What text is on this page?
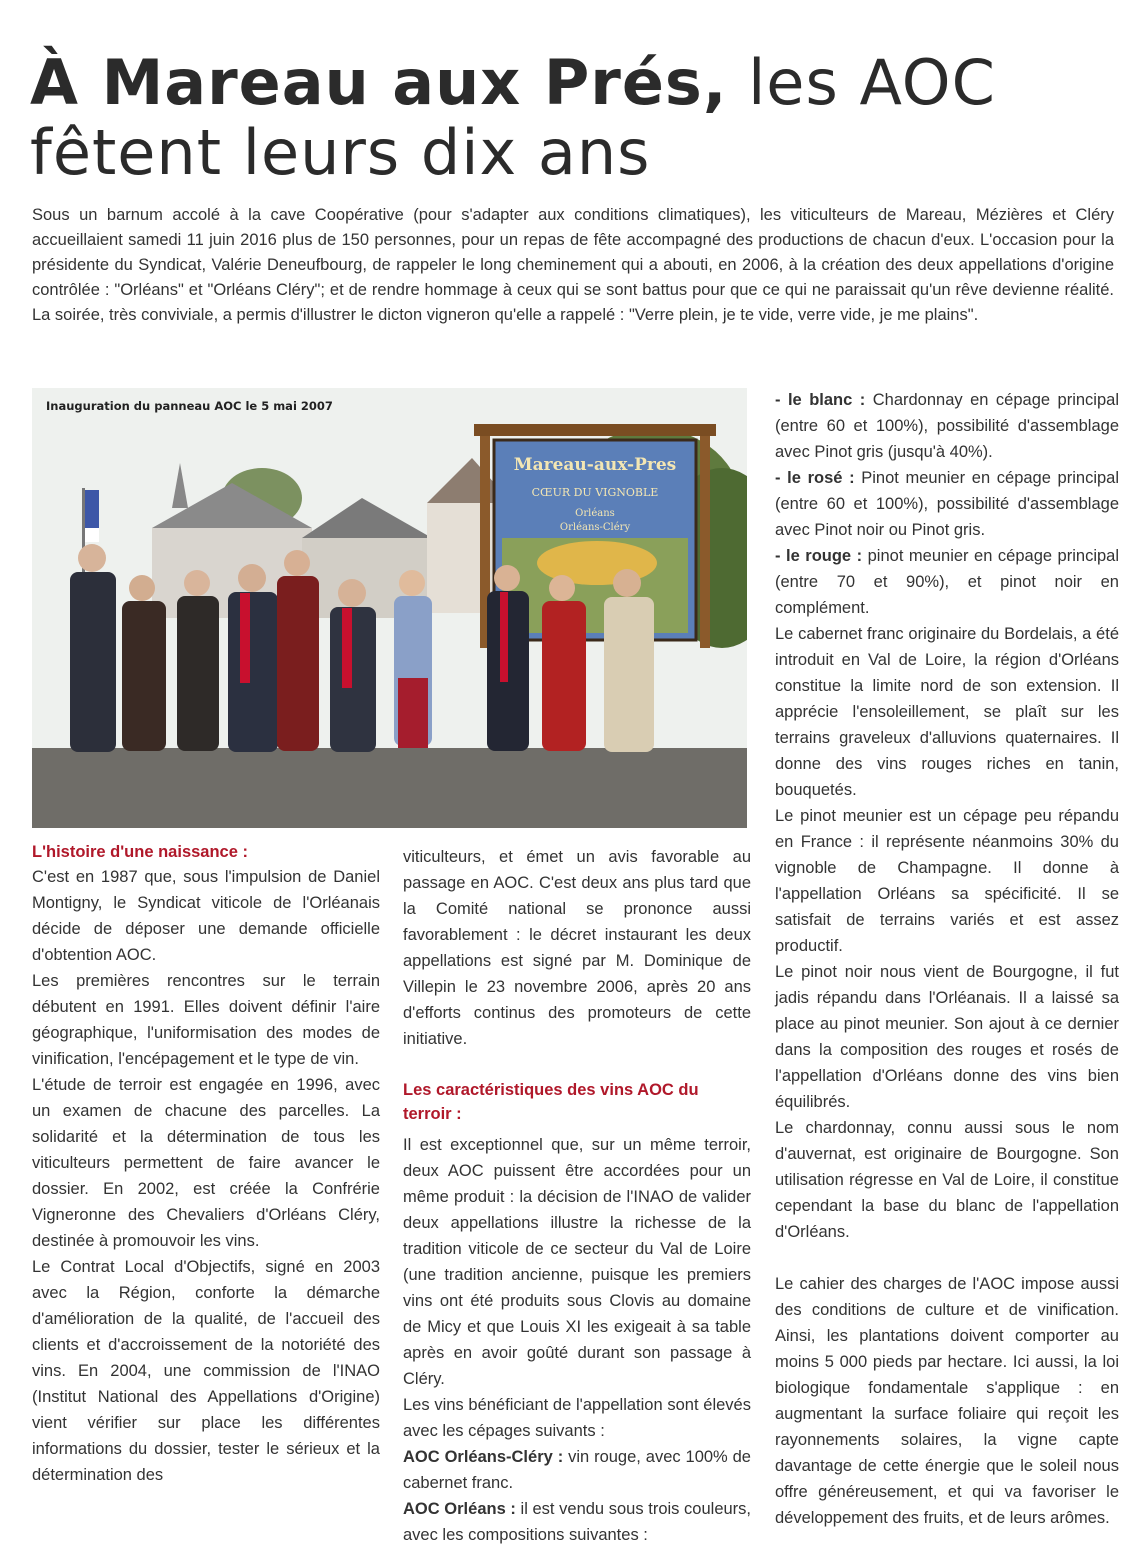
À Mareau aux Prés, les AOC fêtent leurs dix ans
Sous un barnum accolé à la cave Coopérative (pour s'adapter aux conditions climatiques), les viticulteurs de Mareau, Mézières et Cléry accueillaient samedi 11 juin 2016 plus de 150 personnes, pour un repas de fête accompagné des productions de chacun d'eux. L'occasion pour la présidente du Syndicat, Valérie Deneufbourg, de rappeler le long cheminement qui a abouti, en 2006, à la création des deux appellations d'origine contrôlée : "Orléans" et "Orléans Cléry"; et de rendre hommage à ceux qui se sont battus pour que ce qui ne paraissait qu'un rêve devienne réalité. La soirée, très conviviale, a permis d'illustrer le dicton vigneron qu'elle a rappelé : "Verre plein, je te vide, verre vide, je me plains".
Mareau-aux-Pres
CŒUR DU VIGNOBLE
Orléans
Orléans-Cléry
Inauguration du panneau AOC le 5 mai 2007
L'histoire d'une naissance :

C'est en 1987 que, sous l'impulsion de Daniel Montigny, le Syndicat viticole de l'Orléanais décide de déposer une demande officielle d'obtention AOC.

Les premières rencontres sur le terrain débutent en 1991. Elles doivent définir l'aire géographique, l'uniformisation des modes de vinification, l'encépagement et le type de vin.

L'étude de terroir est engagée en 1996, avec un examen de chacune des parcelles. La solidarité et la détermination de tous les viticulteurs permettent de faire avancer le dossier. En 2002, est créée la Confrérie Vigneronne des Chevaliers d'Orléans Cléry, destinée à promouvoir les vins.

Le Contrat Local d'Objectifs, signé en 2003 avec la Région, conforte la démarche d'amélioration de la qualité, de l'accueil des clients et d'accroissement de la notoriété des vins. En 2004, une commission de l'INAO (Institut National des Appellations d'Origine) vient vérifier sur place les différentes informations du dossier, tester le sérieux et la détermination des

viticulteurs, et émet un avis favorable au passage en AOC. C'est deux ans plus tard que la Comité national se prononce aussi favorablement : le décret instaurant les deux appellations est signé par M. Dominique de Villepin le 23 novembre 2006, après 20 ans d'efforts continus des promoteurs de cette initiative.

Les caractéristiques des vins AOC du terroir :

Il est exceptionnel que, sur un même terroir, deux AOC puissent être accordées pour un même produit : la décision de l'INAO de valider deux appellations illustre la richesse de la tradition viticole de ce secteur du Val de Loire (une tradition ancienne, puisque les premiers vins ont été produits sous Clovis au domaine de Micy et que Louis XI les exigeait à sa table après en avoir goûté durant son passage à Cléry.

Les vins bénéficiant de l'appellation sont élevés avec les cépages suivants :

AOC Orléans-Cléry : vin rouge, avec 100% de cabernet franc.

AOC Orléans : il est vendu sous trois couleurs, avec les compositions suivantes :

- le blanc : Chardonnay en cépage principal (entre 60 et 100%), possibilité d'assemblage avec Pinot gris (jusqu'à 40%).

- le rosé : Pinot meunier en cépage principal (entre 60 et 100%), possibilité d'assemblage avec Pinot noir ou Pinot gris.

- le rouge : pinot meunier en cépage principal (entre 70 et 90%), et pinot noir en complément.

Le cabernet franc originaire du Bordelais, a été introduit en Val de Loire, la région d'Orléans constitue la limite nord de son extension. Il apprécie l'ensoleillement, se plaît sur les terrains graveleux d'alluvions quaternaires. Il donne des vins rouges riches en tanin, bouquetés.

Le pinot meunier est un cépage peu répandu en France : il représente néanmoins 30% du vignoble de Champagne. Il donne à l'appellation Orléans sa spécificité. Il se satisfait de terrains variés et est assez productif.

Le pinot noir nous vient de Bourgogne, il fut jadis répandu dans l'Orléanais. Il a laissé sa place au pinot meunier. Son ajout à ce dernier dans la composition des rouges et rosés de l'appellation d'Orléans donne des vins bien équilibrés.

Le chardonnay, connu aussi sous le nom d'auvernat, est originaire de Bourgogne. Son utilisation régresse en Val de Loire, il constitue cependant la base du blanc de l'appellation d'Orléans.

Le cahier des charges de l'AOC impose aussi des conditions de culture et de vinification. Ainsi, les plantations doivent comporter au moins 5 000 pieds par hectare. Ici aussi, la loi biologique fondamentale s'applique : en augmentant la surface foliaire qui reçoit les rayonnements solaires, la vigne capte davantage de cette énergie que le soleil nous offre généreusement, et qui va favoriser le développement des fruits, et de leurs arômes.
